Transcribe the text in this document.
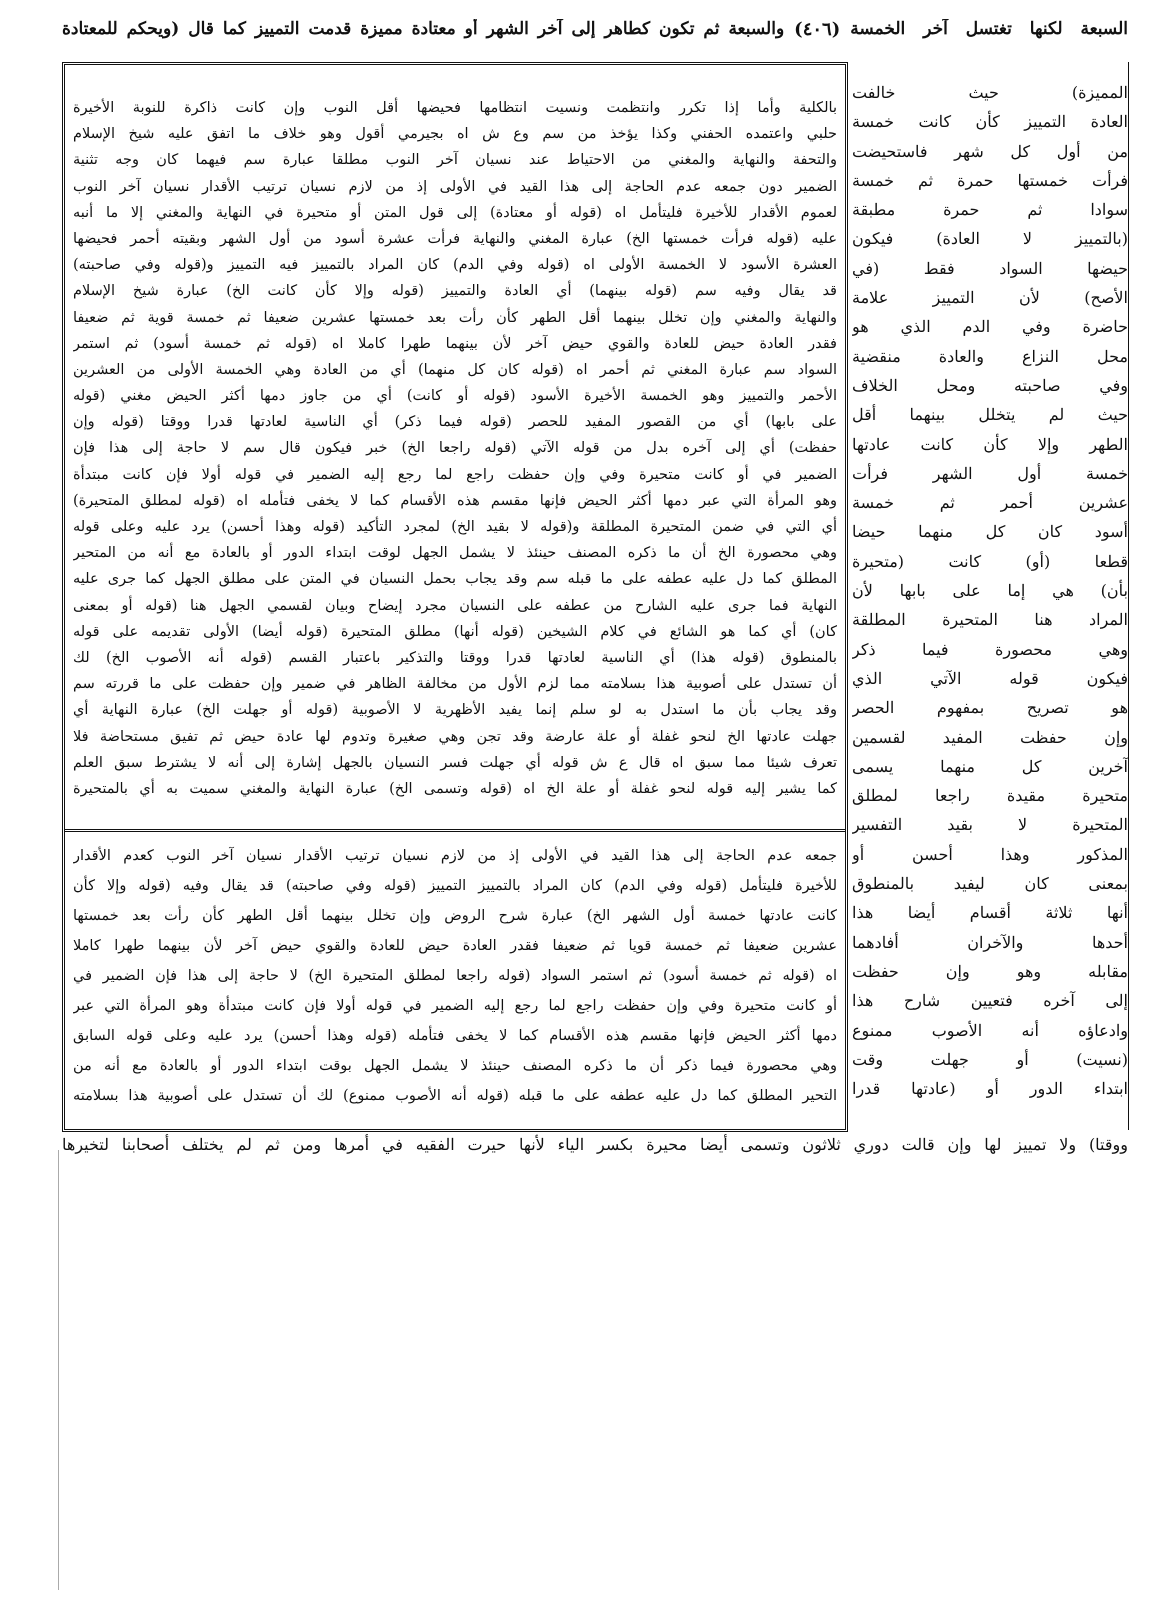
السبعة لكنها تغتسل آخر الخمسة
(٤٠٦)
والسبعة ثم تكون كطاهر إلى آخر الشهر أو معتادة مميزة قدمت التمييز كما قال (ويحكم للمعتادة
بالكلية وأما إذا تكرر وانتظمت ونسيت انتظامها فحيضها أقل النوب وإن كانت ذاكرة للنوبة الأخيرة
حلبي واعتمده الحفني وكذا يؤخذ من سم وع ش اه بجيرمي أقول وهو خلاف ما اتفق عليه شيخ الإسلام
والتحفة والنهاية والمغني من الاحتياط عند نسيان آخر النوب مطلقا عبارة سم فيهما كان وجه تثنية
الضمير دون جمعه عدم الحاجة إلى هذا القيد في الأولى إذ من لازم نسيان ترتيب الأقدار نسيان آخر النوب
لعموم الأقدار للأخيرة فليتأمل اه (قوله أو معتادة) إلى قول المتن أو متحيرة في النهاية والمغني إلا ما أنبه
عليه (قوله فرأت خمستها الخ) عبارة المغني والنهاية فرأت عشرة أسود من أول الشهر وبقيته أحمر فحيضها
العشرة الأسود لا الخمسة الأولى اه (قوله وفي الدم) كان المراد بالتمييز فيه التمييز و(قوله وفي صاحبته)
قد يقال وفيه سم (قوله بينهما) أي العادة والتمييز (قوله وإلا كأن كانت الخ) عبارة شيخ الإسلام
والنهاية والمغني وإن تخلل بينهما أقل الطهر كأن رأت بعد خمستها عشرين ضعيفا ثم خمسة قوية ثم ضعيفا
فقدر العادة حيض للعادة والقوي حيض آخر لأن بينهما طهرا كاملا اه (قوله ثم خمسة أسود) ثم استمر
السواد سم عبارة المغني ثم أحمر اه (قوله كان كل منهما) أي من العادة وهي الخمسة الأولى من العشرين
الأحمر والتمييز وهو الخمسة الأخيرة الأسود (قوله أو كانت) أي من جاوز دمها أكثر الحيض مغني (قوله
على بابها) أي من القصور المفيد للحصر (قوله فيما ذكر) أي الناسية لعادتها قدرا ووقتا (قوله وإن
حفظت) أي إلى آخره بدل من قوله الآتي (قوله راجعا الخ) خبر فيكون قال سم لا حاجة إلى هذا فإن
الضمير في أو كانت متحيرة وفي وإن حفظت راجع لما رجع إليه الضمير في قوله أولا فإن كانت مبتدأة
وهو المرأة التي عبر دمها أكثر الحيض فإنها مقسم هذه الأقسام كما لا يخفى فتأمله اه (قوله لمطلق المتحيرة)
أي التي في ضمن المتحيرة المطلقة و(قوله لا بقيد الخ) لمجرد التأكيد (قوله وهذا أحسن) يرد عليه وعلى قوله
وهي محصورة الخ أن ما ذكره المصنف حينئذ لا يشمل الجهل لوقت ابتداء الدور أو بالعادة مع أنه من المتحير
المطلق كما دل عليه عطفه على ما قبله سم وقد يجاب بحمل النسيان في المتن على مطلق الجهل كما جرى عليه
النهاية فما جرى عليه الشارح من عطفه على النسيان مجرد إيضاح وبيان لقسمي الجهل هنا (قوله أو بمعنى
كان) أي كما هو الشائع في كلام الشيخين (قوله أنها) مطلق المتحيرة (قوله أيضا) الأولى تقديمه على قوله
بالمنطوق (قوله هذا) أي الناسية لعادتها قدرا ووقتا والتذكير باعتبار القسم (قوله أنه الأصوب الخ) لك
أن تستدل على أصوبية هذا بسلامته مما لزم الأول من مخالفة الظاهر في ضمير وإن حفظت على ما قررته سم
وقد يجاب بأن ما استدل به لو سلم إنما يفيد الأظهرية لا الأصوبية (قوله أو جهلت الخ) عبارة النهاية أي
جهلت عادتها الخ لنحو غفلة أو علة عارضة وقد تجن وهي صغيرة وتدوم لها عادة حيض ثم تفيق مستحاضة فلا
تعرف شيئا مما سبق اه قال ع ش قوله أي جهلت فسر النسيان بالجهل إشارة إلى أنه لا يشترط سبق العلم
كما يشير إليه قوله لنحو غفلة أو علة الخ اه (قوله وتسمى الخ) عبارة النهاية والمغني سميت به أي بالمتحيرة
جمعه عدم الحاجة إلى هذا القيد في الأولى إذ من لازم نسيان ترتيب الأقدار نسيان آخر النوب كعدم الأقدار
للأخيرة فليتأمل (قوله وفي الدم) كان المراد بالتمييز التمييز (قوله وفي صاحبته) قد يقال وفيه (قوله وإلا كأن
كانت عادتها خمسة أول الشهر الخ) عبارة شرح الروض وإن تخلل بينهما أقل الطهر كأن رأت بعد خمستها
عشرين ضعيفا ثم خمسة قويا ثم ضعيفا فقدر العادة حيض للعادة والقوي حيض آخر لأن بينهما طهرا كاملا
اه (قوله ثم خمسة أسود) ثم استمر السواد (قوله راجعا لمطلق المتحيرة الخ) لا حاجة إلى هذا فإن الضمير في
أو كانت متحيرة وفي وإن حفظت راجع لما رجع إليه الضمير في قوله أولا فإن كانت مبتدأة وهو المرأة التي عبر
دمها أكثر الحيض فإنها مقسم هذه الأقسام كما لا يخفى فتأمله (قوله وهذا أحسن) يرد عليه وعلى قوله السابق
وهي محصورة فيما ذكر أن ما ذكره المصنف حينئذ لا يشمل الجهل بوقت ابتداء الدور أو بالعادة مع أنه من
التحير المطلق كما دل عليه عطفه على ما قبله (قوله أنه الأصوب ممنوع) لك أن تستدل على أصوبية هذا بسلامته
المميزة) حيث خالفت
العادة التمييز كأن كانت خمسة
من أول كل شهر فاستحيضت
فرأت خمستها حمرة ثم خمسة
سوادا ثم حمرة مطبقة
(بالتمييز لا العادة) فيكون
حيضها السواد فقط (في
الأصح) لأن التمييز علامة
حاضرة وفي الدم الذي هو
محل النزاع والعادة منقضية
وفي صاحبته ومحل الخلاف
حيث لم يتخلل بينهما أقل
الطهر وإلا كأن كانت عادتها
خمسة أول الشهر فرأت
عشرين أحمر ثم خمسة
أسود كان كل منهما حيضا
قطعا (أو) كانت (متحيرة
بأن) هي إما على بابها لأن
المراد هنا المتحيرة المطلقة
وهي محصورة فيما ذكر
فيكون قوله الآتي الذي
هو تصريح بمفهوم الحصر
وإن حفظت المفيد لقسمين
آخرين كل منهما يسمى
متحيرة مقيدة راجعا لمطلق
المتحيرة لا بقيد التفسير
المذكور وهذا أحسن أو
بمعنى كان ليفيد بالمنطوق
أنها ثلاثة أقسام أيضا هذا
أحدها والآخران أفادهما
مقابله وهو وإن حفظت
إلى آخره فتعيين شارح هذا
وادعاؤه أنه الأصوب ممنوع
(نسيت) أو جهلت وقت
ابتداء الدور أو (عادتها قدرا
ووقتا) ولا تمييز لها وإن قالت دوري ثلاثون وتسمى أيضا محيرة بكسر الياء لأنها حيرت الفقيه في أمرها ومن ثم لم يختلف أصحابنا لتخيرها
